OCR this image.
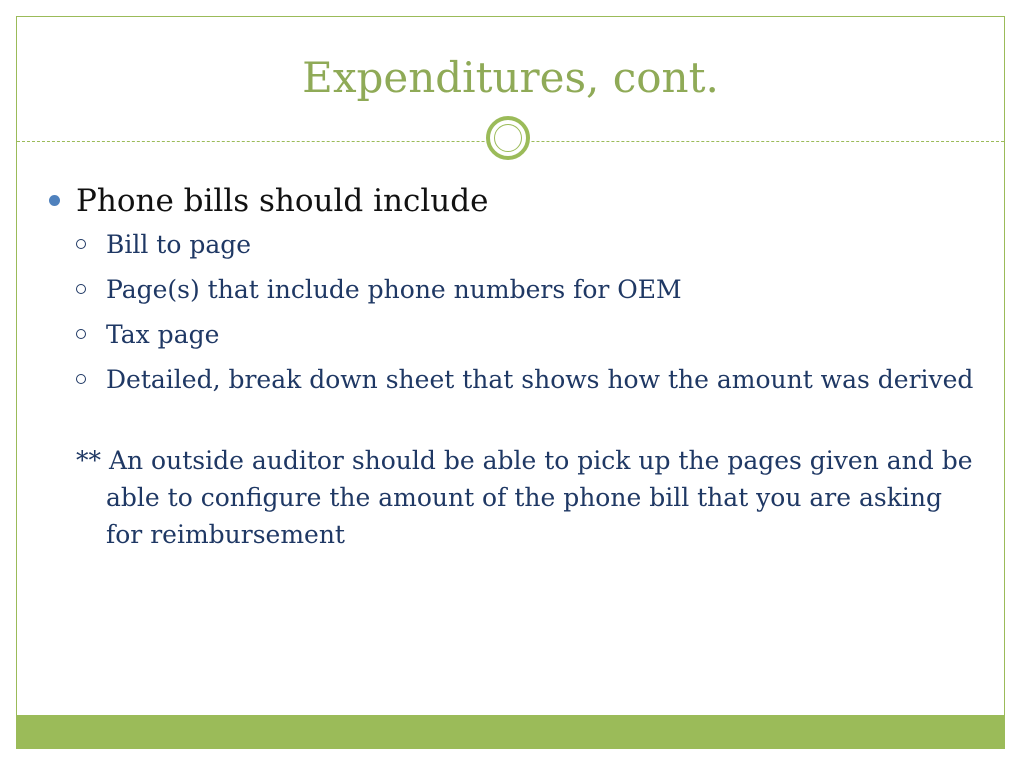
Expenditures, cont.

Phone bills should include

Bill to page

Page(s) that include phone numbers for OEM

Tax page

Detailed, break down sheet that shows how the amount was derived

** An outside auditor should be able to pick up the pages given and be able to configure the amount of the phone bill that you are asking for reimbursement
